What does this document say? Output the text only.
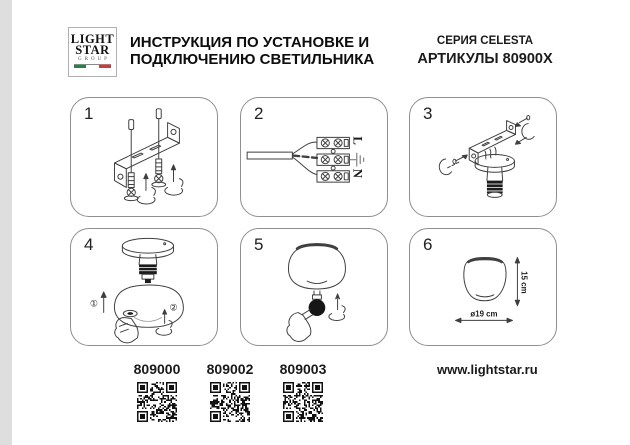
LIGHT
STAR
GROUP
ИНСТРУКЦИЯ ПО УСТАНОВКЕ И
ПОДКЛЮЧЕНИЮ СВЕТИЛЬНИКА
СЕРИЯ CELESTA
АРТИКУЛЫ 80900X
1	2
L
N
3
4
①	②
5	6
15 cm
ø19 cm
809000	809002	809003	www.lightstar.ru
